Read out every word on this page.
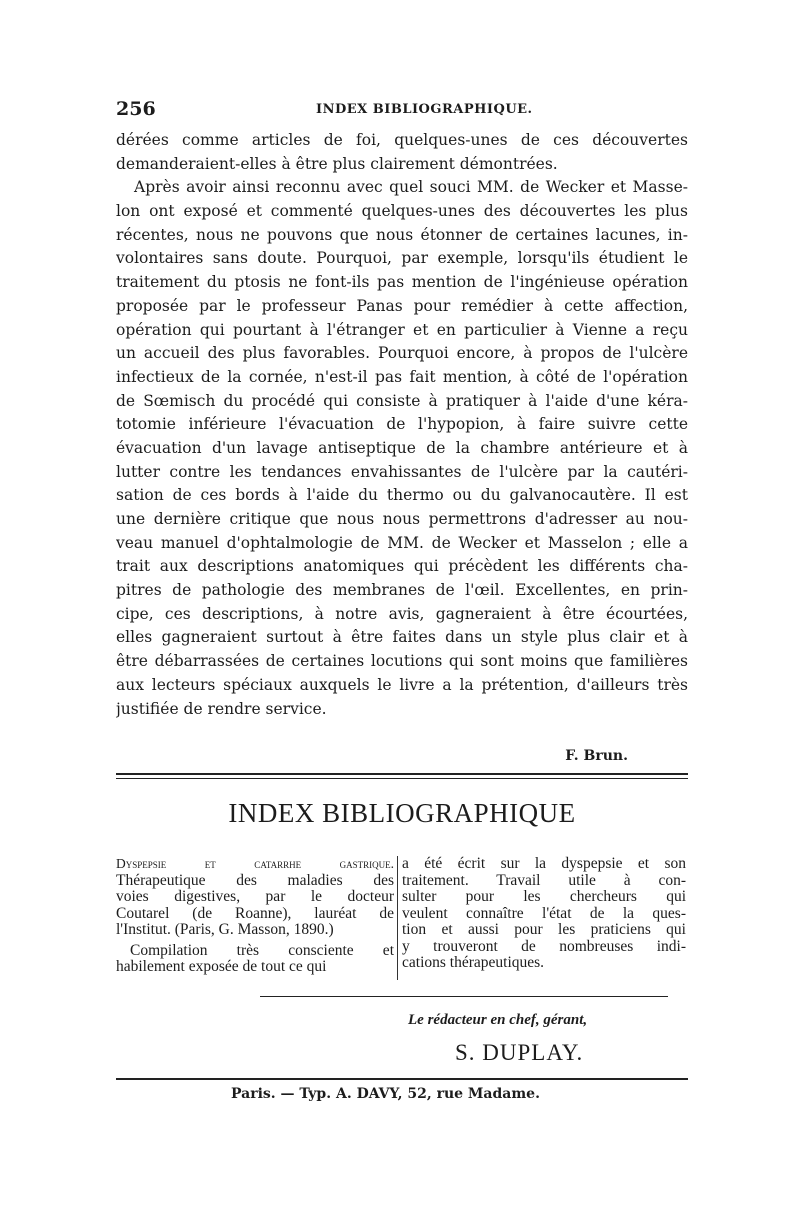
256	INDEX BIBLIOGRAPHIQUE.
dérées comme articles de foi, quelques-unes de ces découvertes
demanderaient-elles à être plus clairement démontrées.
Après avoir ainsi reconnu avec quel souci MM. de Wecker et Masse-
lon ont exposé et commenté quelques-unes des découvertes les plus
récentes, nous ne pouvons que nous étonner de certaines lacunes, in-
volontaires sans doute. Pourquoi, par exemple, lorsqu'ils étudient le
traitement du ptosis ne font-ils pas mention de l'ingénieuse opération
proposée par le professeur Panas pour remédier à cette affection,
opération qui pourtant à l'étranger et en particulier à Vienne a reçu
un accueil des plus favorables. Pourquoi encore, à propos de l'ulcère
infectieux de la cornée, n'est-il pas fait mention, à côté de l'opération
de Sœmisch du procédé qui consiste à pratiquer à l'aide d'une kéra-
totomie inférieure l'évacuation de l'hypopion, à faire suivre cette
évacuation d'un lavage antiseptique de la chambre antérieure et à
lutter contre les tendances envahissantes de l'ulcère par la cautéri-
sation de ces bords à l'aide du thermo ou du galvanocautère. Il est
une dernière critique que nous nous permettrons d'adresser au nou-
veau manuel d'ophtalmologie de MM. de Wecker et Masselon ; elle a
trait aux descriptions anatomiques qui précèdent les différents cha-
pitres de pathologie des membranes de l'œil. Excellentes, en prin-
cipe, ces descriptions, à notre avis, gagneraient à être écourtées,
elles gagneraient surtout à être faites dans un style plus clair et à
être débarrassées de certaines locutions qui sont moins que familières
aux lecteurs spéciaux auxquels le livre a la prétention, d'ailleurs très
justifiée de rendre service.
F. Brun.
INDEX BIBLIOGRAPHIQUE
Dyspepsie et catarrhe gastrique.
Thérapeutique des maladies des
voies digestives, par le docteur
Coutarel (de Roanne), lauréat de
l'Institut. (Paris, G. Masson, 1890.)
Compilation très consciente et
habilement exposée de tout ce qui
a été écrit sur la dyspepsie et son
traitement. Travail utile à con-
sulter pour les chercheurs qui
veulent connaître l'état de la ques-
tion et aussi pour les praticiens qui
y trouveront de nombreuses indi-
cations thérapeutiques.
Le rédacteur en chef, gérant,
S. DUPLAY.
Paris. — Typ. A. DAVY, 52, rue Madame.
